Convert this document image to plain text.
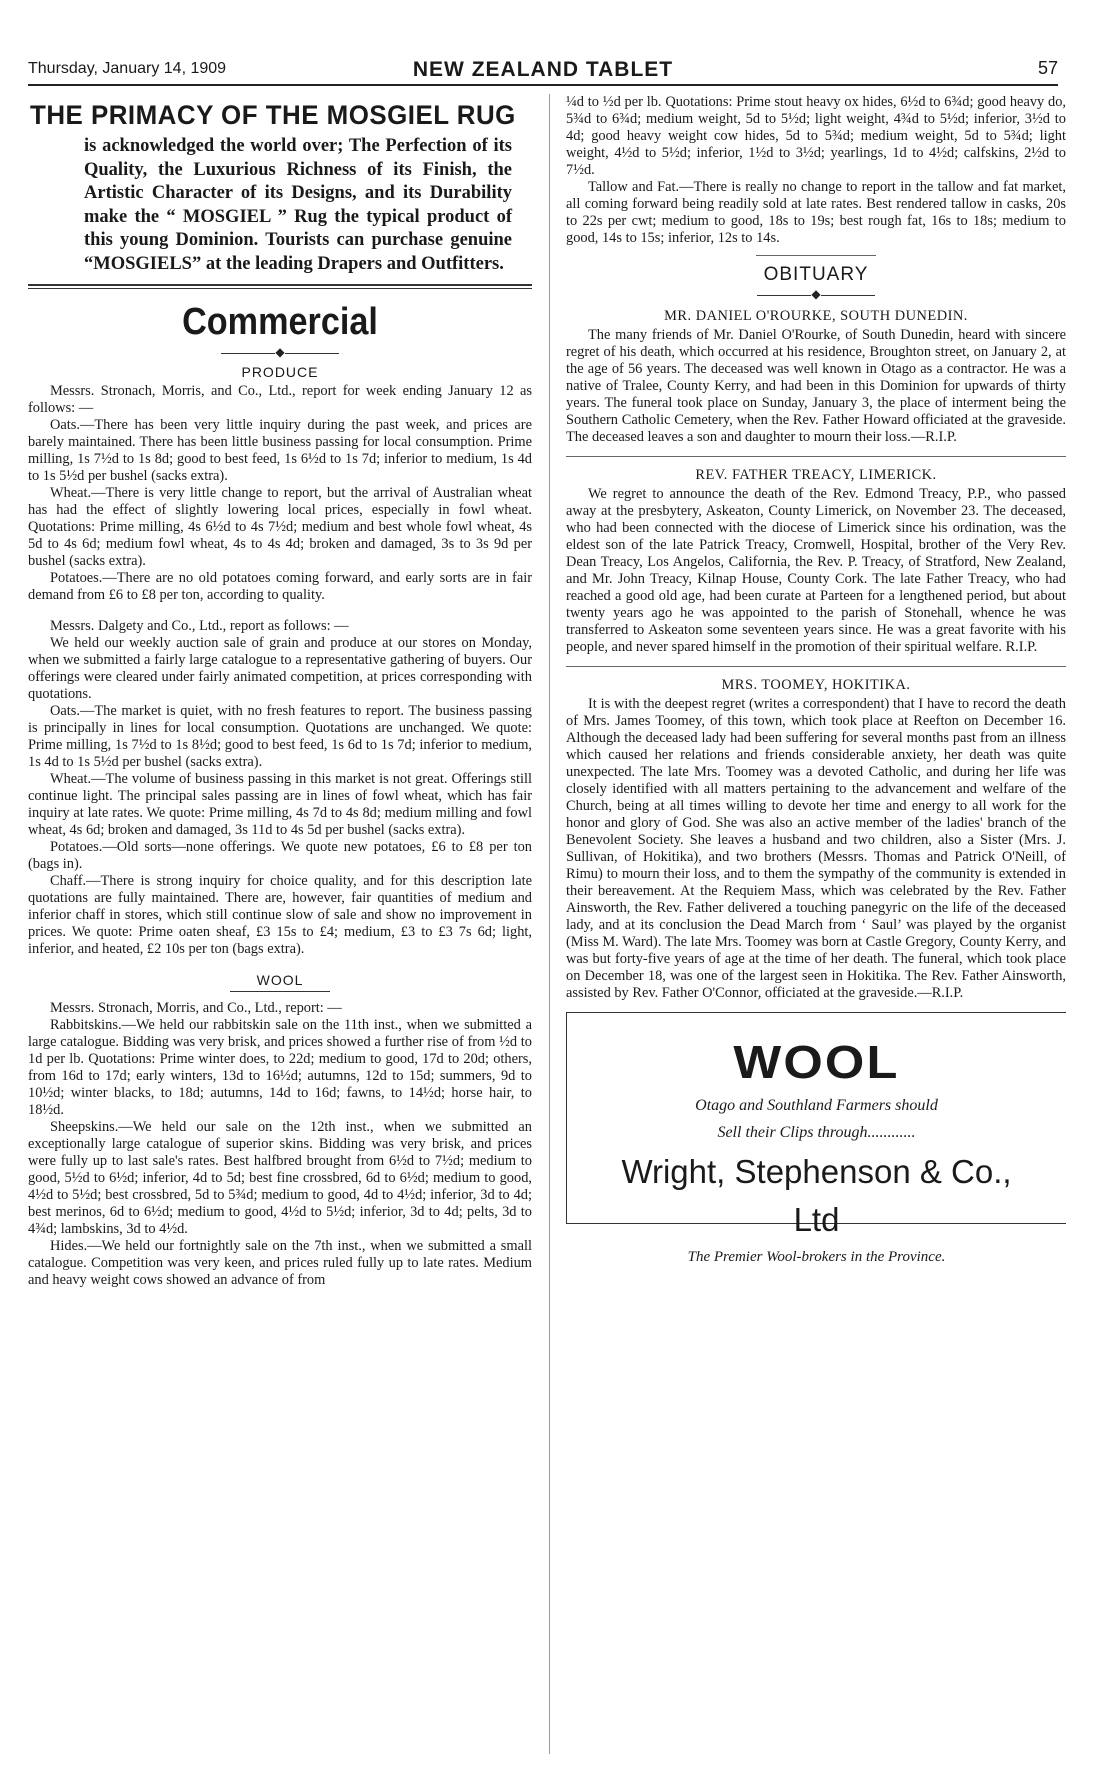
Thursday, January 14, 1909	NEW ZEALAND TABLET	57
THE PRIMACY OF THE MOSGIEL RUG
is acknowledged the world over; The Perfection of its Quality, the Luxurious Richness of its Finish, the Artistic Character of its Designs, and its Durability make the “ MOSGIEL ” Rug the typical product of this young Dominion. Tourists can purchase genuine “MOSGIELS” at the leading Drapers and Outfitters.
Commercial
◆
PRODUCE

Messrs. Stronach, Morris, and Co., Ltd., report for week ending January 12 as follows: —

Oats.—There has been very little inquiry during the past week, and prices are barely maintained. There has been little business passing for local consumption. Prime milling, 1s 7½d to 1s 8d; good to best feed, 1s 6½d to 1s 7d; inferior to medium, 1s 4d to 1s 5½d per bushel (sacks extra).

Wheat.—There is very little change to report, but the arrival of Australian wheat has had the effect of slightly lowering local prices, especially in fowl wheat. Quotations: Prime milling, 4s 6½d to 4s 7½d; medium and best whole fowl wheat, 4s 5d to 4s 6d; medium fowl wheat, 4s to 4s 4d; broken and damaged, 3s to 3s 9d per bushel (sacks extra).

Potatoes.—There are no old potatoes coming forward, and early sorts are in fair demand from £6 to £8 per ton, according to quality.

Messrs. Dalgety and Co., Ltd., report as follows: —

We held our weekly auction sale of grain and produce at our stores on Monday, when we submitted a fairly large catalogue to a representative gathering of buyers. Our offerings were cleared under fairly animated competition, at prices corresponding with quotations.

Oats.—The market is quiet, with no fresh features to report. The business passing is principally in lines for local consumption. Quotations are unchanged. We quote: Prime milling, 1s 7½d to 1s 8½d; good to best feed, 1s 6d to 1s 7d; inferior to medium, 1s 4d to 1s 5½d per bushel (sacks extra).

Wheat.—The volume of business passing in this market is not great. Offerings still continue light. The principal sales passing are in lines of fowl wheat, which has fair inquiry at late rates. We quote: Prime milling, 4s 7d to 4s 8d; medium milling and fowl wheat, 4s 6d; broken and damaged, 3s 11d to 4s 5d per bushel (sacks extra).

Potatoes.—Old sorts—none offerings. We quote new potatoes, £6 to £8 per ton (bags in).

Chaff.—There is strong inquiry for choice quality, and for this description late quotations are fully maintained. There are, however, fair quantities of medium and inferior chaff in stores, which still continue slow of sale and show no improvement in prices. We quote: Prime oaten sheaf, £3 15s to £4; medium, £3 to £3 7s 6d; light, inferior, and heated, £2 10s per ton (bags extra).

WOOL

Messrs. Stronach, Morris, and Co., Ltd., report: —

Rabbitskins.—We held our rabbitskin sale on the 11th inst., when we submitted a large catalogue. Bidding was very brisk, and prices showed a further rise of from ½d to 1d per lb. Quotations: Prime winter does, to 22d; medium to good, 17d to 20d; others, from 16d to 17d; early winters, 13d to 16½d; autumns, 12d to 15d; summers, 9d to 10½d; winter blacks, to 18d; autumns, 14d to 16d; fawns, to 14½d; horse hair, to 18½d.

Sheepskins.—We held our sale on the 12th inst., when we submitted an exceptionally large catalogue of superior skins. Bidding was very brisk, and prices were fully up to last sale's rates. Best halfbred brought from 6½d to 7½d; medium to good, 5½d to 6½d; inferior, 4d to 5d; best fine crossbred, 6d to 6½d; medium to good, 4½d to 5½d; best crossbred, 5d to 5¾d; medium to good, 4d to 4½d; inferior, 3d to 4d; best merinos, 6d to 6½d; medium to good, 4½d to 5½d; inferior, 3d to 4d; pelts, 3d to 4¾d; lambskins, 3d to 4½d.

Hides.—We held our fortnightly sale on the 7th inst., when we submitted a small catalogue. Competition was very keen, and prices ruled fully up to late rates. Medium and heavy weight cows showed an advance of from

¼d to ½d per lb. Quotations: Prime stout heavy ox hides, 6½d to 6¾d; good heavy do, 5¾d to 6¾d; medium weight, 5d to 5½d; light weight, 4¾d to 5½d; inferior, 3½d to 4d; good heavy weight cow hides, 5d to 5¾d; medium weight, 5d to 5¾d; light weight, 4½d to 5½d; inferior, 1½d to 3½d; yearlings, 1d to 4½d; calfskins, 2½d to 7½d.

Tallow and Fat.—There is really no change to report in the tallow and fat market, all coming forward being readily sold at late rates. Best rendered tallow in casks, 20s to 22s per cwt; medium to good, 18s to 19s; best rough fat, 16s to 18s; medium to good, 14s to 15s; inferior, 12s to 14s.

OBITUARY
◆
MR. DANIEL O'ROURKE, SOUTH DUNEDIN.

The many friends of Mr. Daniel O'Rourke, of South Dunedin, heard with sincere regret of his death, which occurred at his residence, Broughton street, on January 2, at the age of 56 years. The deceased was well known in Otago as a contractor. He was a native of Tralee, County Kerry, and had been in this Dominion for upwards of thirty years. The funeral took place on Sunday, January 3, the place of interment being the Southern Catholic Cemetery, when the Rev. Father Howard officiated at the graveside. The deceased leaves a son and daughter to mourn their loss.—R.I.P.

REV. FATHER TREACY, LIMERICK.

We regret to announce the death of the Rev. Edmond Treacy, P.P., who passed away at the presbytery, Askeaton, County Limerick, on November 23. The deceased, who had been connected with the diocese of Limerick since his ordination, was the eldest son of the late Patrick Treacy, Cromwell, Hospital, brother of the Very Rev. Dean Treacy, Los Angelos, California, the Rev. P. Treacy, of Stratford, New Zealand, and Mr. John Treacy, Kilnap House, County Cork. The late Father Treacy, who had reached a good old age, had been curate at Parteen for a lengthened period, but about twenty years ago he was appointed to the parish of Stonehall, whence he was transferred to Askeaton some seventeen years since. He was a great favorite with his people, and never spared himself in the promotion of their spiritual welfare. R.I.P.

MRS. TOOMEY, HOKITIKA.

It is with the deepest regret (writes a correspondent) that I have to record the death of Mrs. James Toomey, of this town, which took place at Reefton on December 16. Although the deceased lady had been suffering for several months past from an illness which caused her relations and friends considerable anxiety, her death was quite unexpected. The late Mrs. Toomey was a devoted Catholic, and during her life was closely identified with all matters pertaining to the advancement and welfare of the Church, being at all times willing to devote her time and energy to all work for the honor and glory of God. She was also an active member of the ladies' branch of the Benevolent Society. She leaves a husband and two children, also a Sister (Mrs. J. Sullivan, of Hokitika), and two brothers (Messrs. Thomas and Patrick O'Neill, of Rimu) to mourn their loss, and to them the sympathy of the community is extended in their bereavement. At the Requiem Mass, which was celebrated by the Rev. Father Ainsworth, the Rev. Father delivered a touching panegyric on the life of the deceased lady, and at its conclusion the Dead March from ‘ Saul’ was played by the organist (Miss M. Ward). The late Mrs. Toomey was born at Castle Gregory, County Kerry, and was but forty-five years of age at the time of her death. The funeral, which took place on December 18, was one of the largest seen in Hokitika. The Rev. Father Ainsworth, assisted by Rev. Father O'Connor, officiated at the graveside.—R.I.P.

WOOL
Otago and Southland Farmers should
Sell their Clips through............
Wright, Stephenson & Co.,
Ltd
The Premier Wool-brokers in the Province.
